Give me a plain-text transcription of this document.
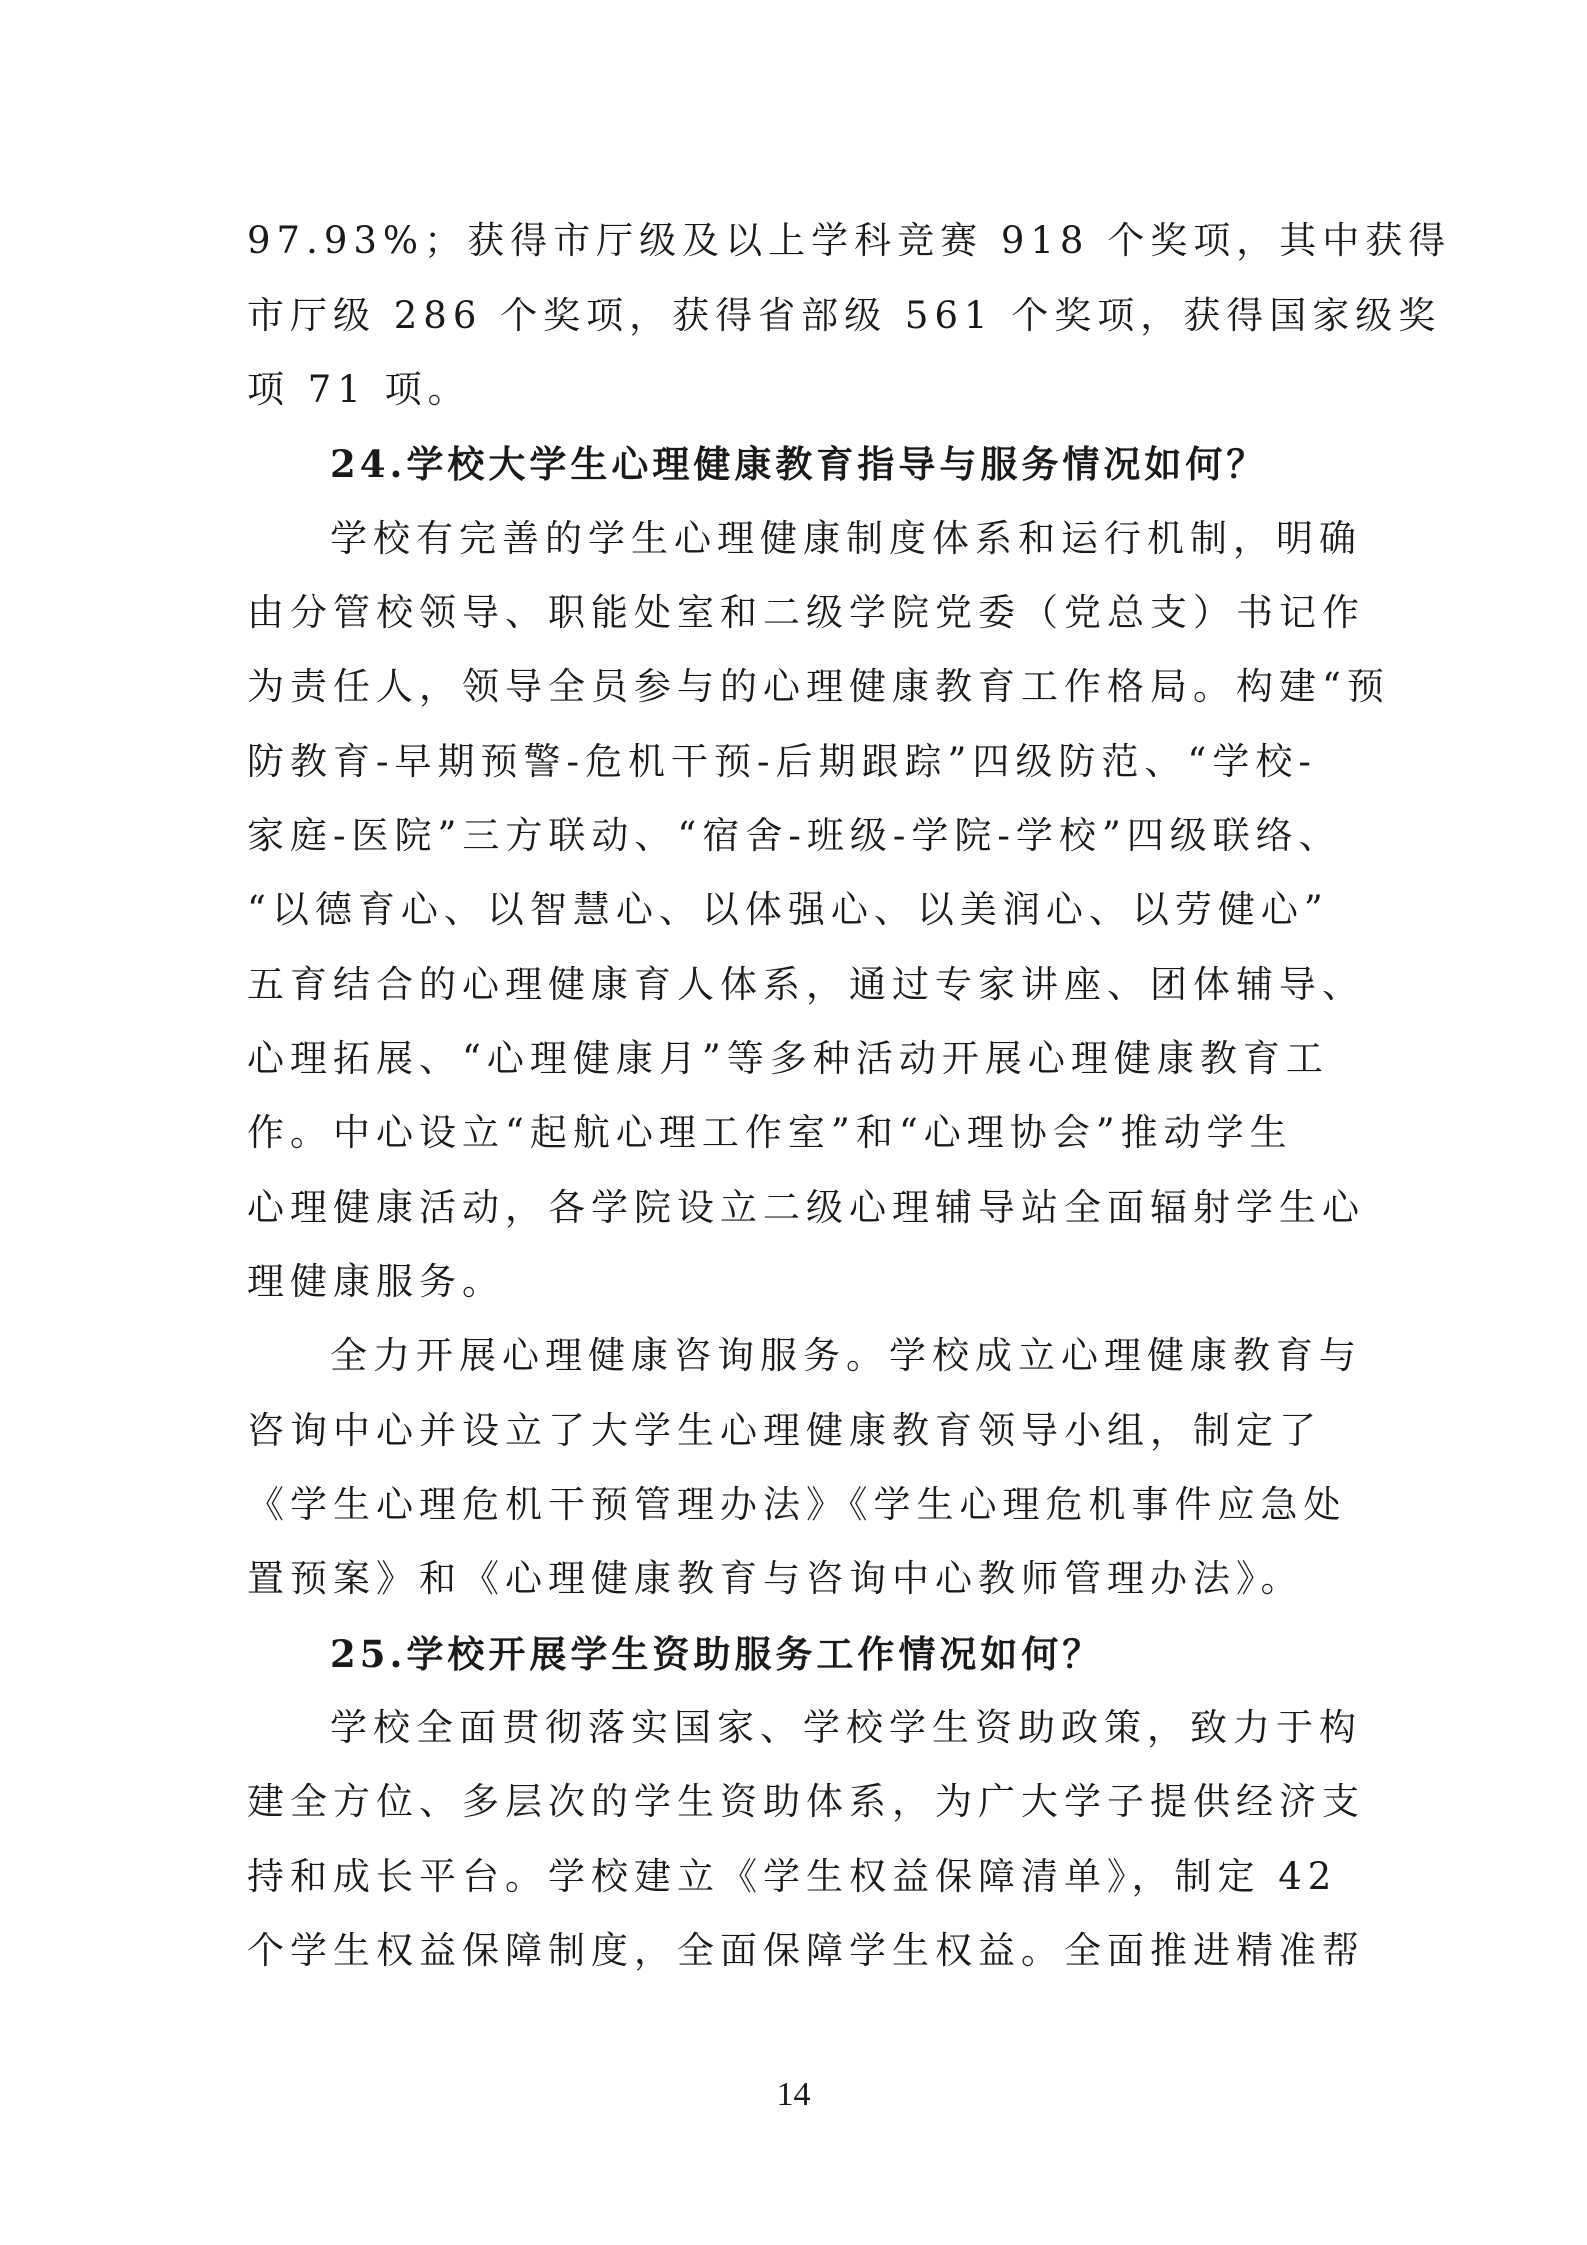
97.93%；获得市厅级及以上学科竞赛 918 个奖项，其中获得
市厅级 286 个奖项，获得省部级 561 个奖项，获得国家级奖
项 71 项。
24.学校大学生心理健康教育指导与服务情况如何？
学校有完善的学生心理健康制度体系和运行机制，明确
由分管校领导、职能处室和二级学院党委（党总支）书记作
为责任人，领导全员参与的心理健康教育工作格局。构建“预
防教育-早期预警-危机干预-后期跟踪”四级防范、“学校-
家庭-医院”三方联动、“宿舍-班级-学院-学校”四级联络、
“以德育心、以智慧心、以体强心、以美润心、以劳健心”
五育结合的心理健康育人体系，通过专家讲座、团体辅导、
心理拓展、“心理健康月”等多种活动开展心理健康教育工
作。中心设立“起航心理工作室”和“心理协会”推动学生
心理健康活动，各学院设立二级心理辅导站全面辐射学生心
理健康服务。
全力开展心理健康咨询服务。学校成立心理健康教育与
咨询中心并设立了大学生心理健康教育领导小组，制定了
《学生心理危机干预管理办法》《学生心理危机事件应急处
置预案》和《心理健康教育与咨询中心教师管理办法》。
25.学校开展学生资助服务工作情况如何？
学校全面贯彻落实国家、学校学生资助政策，致力于构
建全方位、多层次的学生资助体系，为广大学子提供经济支
持和成长平台。学校建立《学生权益保障清单》，制定 42
个学生权益保障制度，全面保障学生权益。全面推进精准帮
14
